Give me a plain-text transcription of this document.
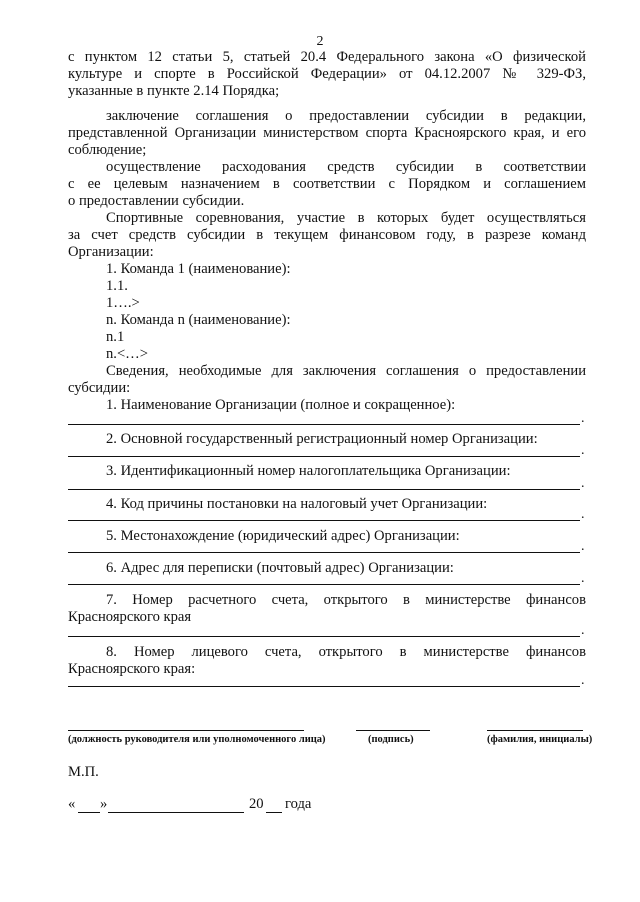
2
с пунктом 12 статьи 5, статьей 20.4 Федерального закона «О физической
культуре и спорте в Российской Федерации» от 04.12.2007 № 329-ФЗ,
указанные в пункте 2.14 Порядка;
заключение соглашения о предоставлении субсидии в редакции,
представленной Организации министерством спорта Красноярского края, и его
соблюдение;
осуществление расходования средств субсидии в соответствии
с ее целевым назначением в соответствии с Порядком и соглашением
о предоставлении субсидии.
Спортивные соревнования, участие в которых будет осуществляться
за счет средств субсидии в текущем финансовом году, в разрезе команд
Организации:
1. Команда 1 (наименование):
1.1.
1….>
n. Команда n (наименование):
n.1
n.<…>
Сведения, необходимые для заключения соглашения о предоставлении
субсидии:
1. Наименование Организации (полное и сокращенное):
.
2. Основной государственный регистрационный номер Организации:
.
3. Идентификационный номер налогоплательщика Организации:
.
4. Код причины постановки на налоговый учет Организации:
.
5. Местонахождение (юридический адрес) Организации:
.
6. Адрес для переписки (почтовый адрес) Организации:
.
7. Номер расчетного счета, открытого в министерстве финансов
Красноярского края
.
8. Номер лицевого счета, открытого в министерстве финансов
Красноярского края:
.
(должность руководителя или уполномоченного лица)	(подпись)	(фамилия, инициалы)
М.П.
« »	20 года
